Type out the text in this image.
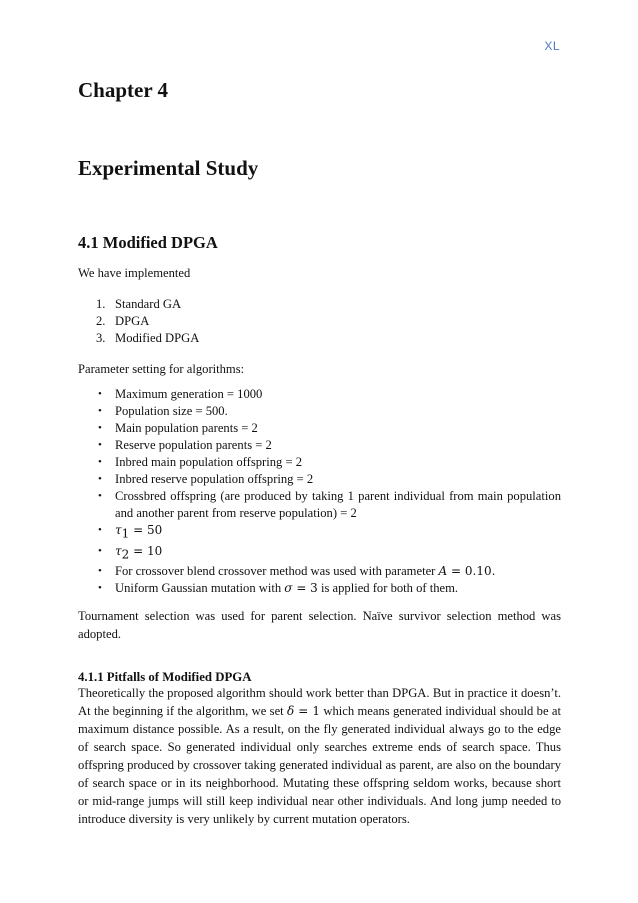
XL
Chapter 4
Experimental Study
4.1 Modified DPGA

We have implemented

1. Standard GA
2. DPGA
3. Modified DPGA

Parameter setting for algorithms:

• Maximum generation = 1000
• Population size = 500.
• Main population parents = 2
• Reserve population parents = 2
• Inbred main population offspring = 2
• Inbred reserve population offspring = 2
• Crossbred offspring (are produced by taking 1 parent individual from main population and another parent from reserve population) = 2
• $\tau_1 = 50$
• $\tau_2 = 10$
• For crossover blend crossover method was used with parameter A = 0.10.
• Uniform Gaussian mutation with σ = 3 is applied for both of them.

Tournament selection was used for parent selection. Naïve survivor selection method was adopted.

4.1.1 Pitfalls of Modified DPGA

Theoretically the proposed algorithm should work better than DPGA. But in practice it doesn’t. At the beginning if the algorithm, we set δ = 1 which means generated individual should be at maximum distance possible. As a result, on the fly generated individual always go to the edge of search space. So generated individual only searches extreme ends of search space. Thus offspring produced by crossover taking generated individual as parent, are also on the boundary of search space or in its neighborhood. Mutating these offspring seldom works, because short or mid-range jumps will still keep individual near other individuals. And long jump needed to introduce diversity is very unlikely by current mutation operators.
